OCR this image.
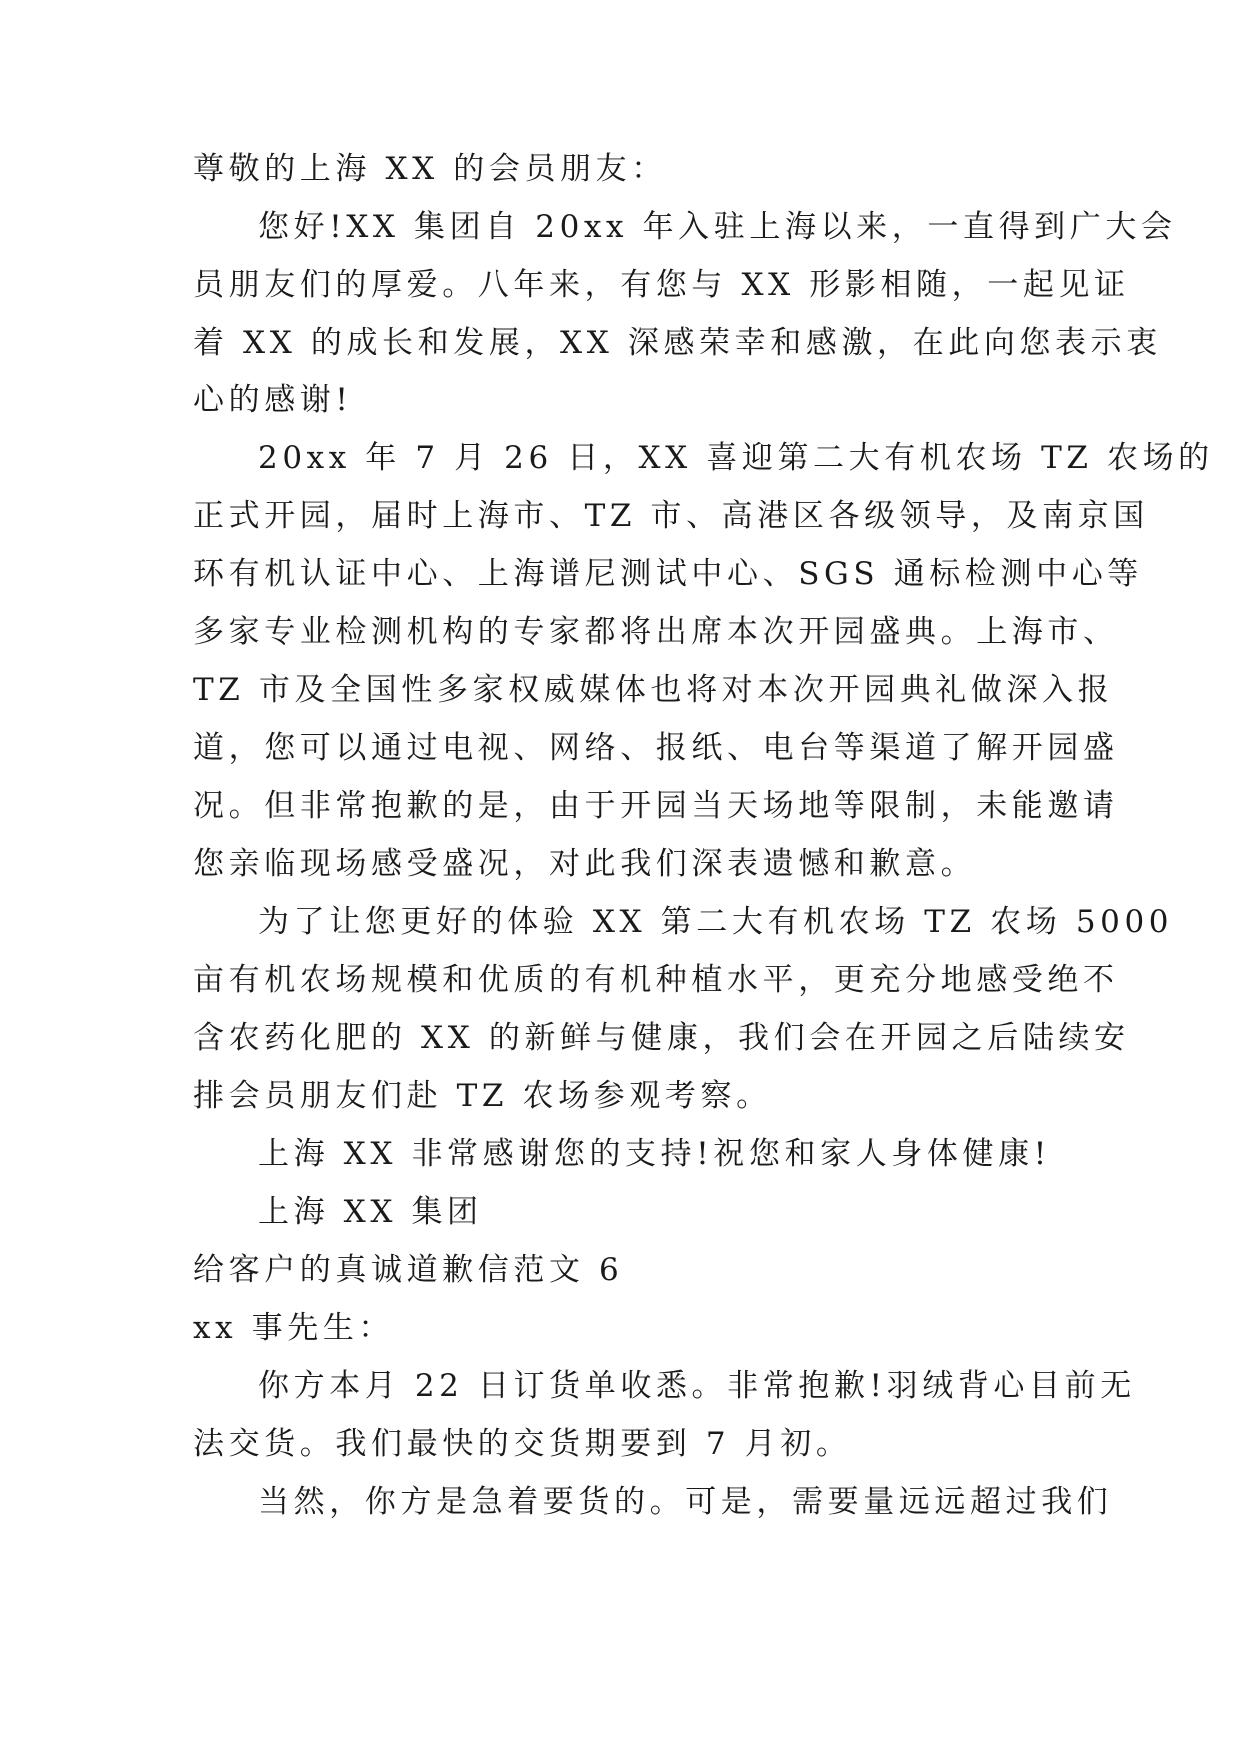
尊敬的上海 XX 的会员朋友：
您好!XX 集团自 20xx 年入驻上海以来，一直得到广大会
员朋友们的厚爱。八年来，有您与 XX 形影相随，一起见证
着 XX 的成长和发展，XX 深感荣幸和感激，在此向您表示衷
心的感谢!
20xx 年 7 月 26 日，XX 喜迎第二大有机农场 TZ 农场的
正式开园，届时上海市、TZ 市、高港区各级领导，及南京国
环有机认证中心、上海谱尼测试中心、SGS 通标检测中心等
多家专业检测机构的专家都将出席本次开园盛典。上海市、
TZ 市及全国性多家权威媒体也将对本次开园典礼做深入报
道，您可以通过电视、网络、报纸、电台等渠道了解开园盛
况。但非常抱歉的是，由于开园当天场地等限制，未能邀请
您亲临现场感受盛况，对此我们深表遗憾和歉意。
为了让您更好的体验 XX 第二大有机农场 TZ 农场 5000
亩有机农场规模和优质的有机种植水平，更充分地感受绝不
含农药化肥的 XX 的新鲜与健康，我们会在开园之后陆续安
排会员朋友们赴 TZ 农场参观考察。
上海 XX 非常感谢您的支持!祝您和家人身体健康!
上海 XX 集团
给客户的真诚道歉信范文 6
xx 事先生：
你方本月 22 日订货单收悉。非常抱歉!羽绒背心目前无
法交货。我们最快的交货期要到 7 月初。
当然，你方是急着要货的。可是，需要量远远超过我们
